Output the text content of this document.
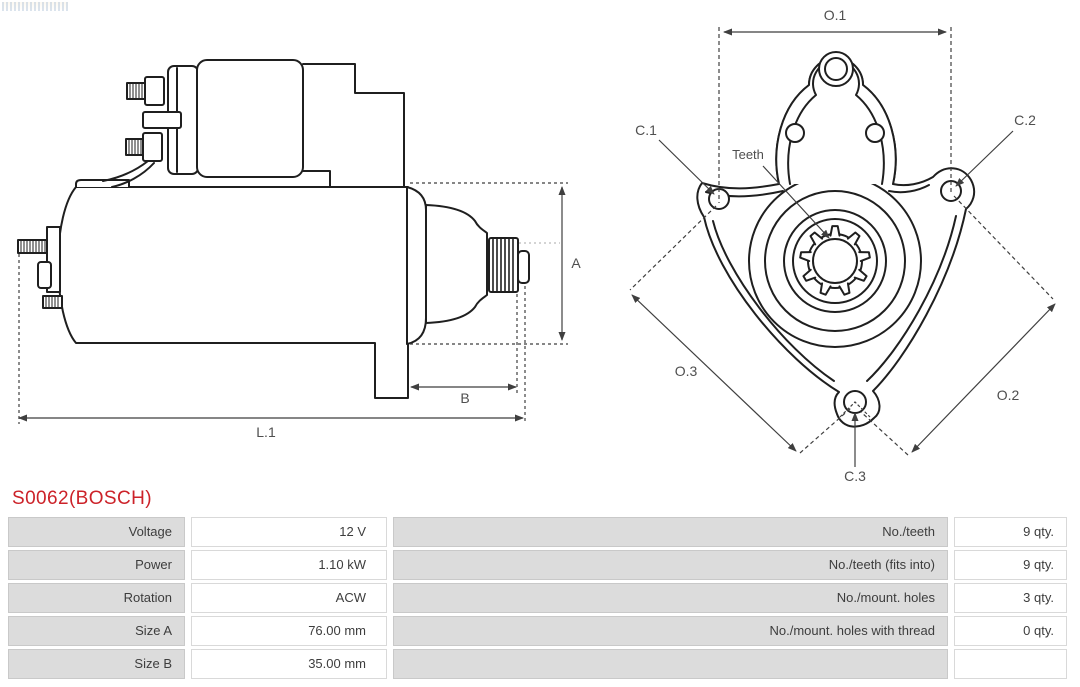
A
B
L.1
O.1
C.1
C.2
Teeth
O.3
O.2
C.3
S0062(BOSCH)
Voltage	12 V	No./teeth	9 qty.
Power	1.10 kW	No./teeth (fits into)	9 qty.
Rotation	ACW	No./mount. holes	3 qty.
Size A	76.00 mm	No./mount. holes with thread	0 qty.
Size B	35.00 mm
